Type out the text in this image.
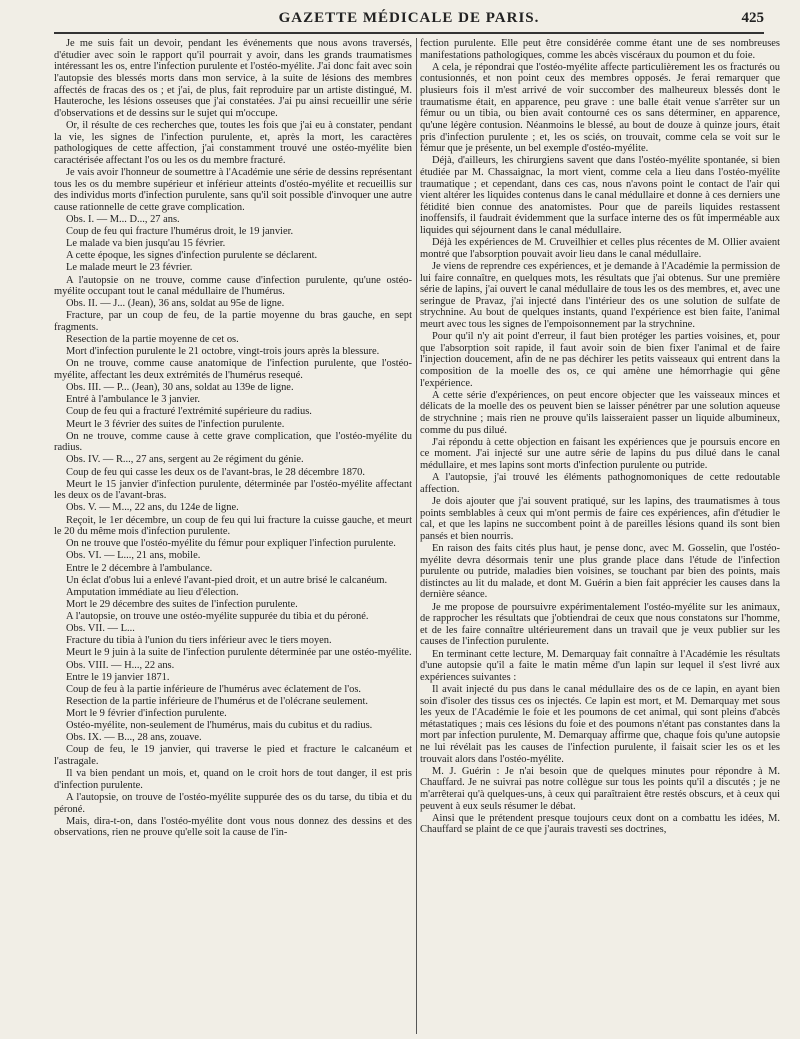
GAZETTE MÉDICALE DE PARIS.	425

Je me suis fait un devoir, pendant les événements que nous avons traversés, d'étudier avec soin le rapport qu'il pourrait y avoir, dans les grands traumatismes intéressant les os, entre l'infection purulente et l'ostéo-myélite. J'ai donc fait avec soin l'autopsie des blessés morts dans mon service, à la suite de lésions des membres affectés de fracas des os ; et j'ai, de plus, fait reproduire par un artiste distingué, M. Hauteroche, les lésions osseuses que j'ai constatées. J'ai pu ainsi recueillir une série d'observations et de dessins sur le sujet qui m'occupe.

Or, il résulte de ces recherches que, toutes les fois que j'ai eu à constater, pendant la vie, les signes de l'infection purulente, et, après la mort, les caractères pathologiques de cette affection, j'ai constamment trouvé une ostéo-myélite bien caractérisée affectant l'os ou les os du membre fracturé.

Je vais avoir l'honneur de soumettre à l'Académie une série de dessins représentant tous les os du membre supérieur et inférieur atteints d'ostéo-myélite et recueillis sur des individus morts d'infection purulente, sans qu'il soit possible d'invoquer une autre cause rationnelle de cette grave complication.

Obs. I. — M... D..., 27 ans.

Coup de feu qui fracture l'humérus droit, le 19 janvier.

Le malade va bien jusqu'au 15 février.

A cette époque, les signes d'infection purulente se déclarent.

Le malade meurt le 23 février.

A l'autopsie on ne trouve, comme cause d'infection purulente, qu'une ostéo-myélite occupant tout le canal médullaire de l'humérus.

Obs. II. — J... (Jean), 36 ans, soldat au 95e de ligne.

Fracture, par un coup de feu, de la partie moyenne du bras gauche, en sept fragments.

Resection de la partie moyenne de cet os.

Mort d'infection purulente le 21 octobre, vingt-trois jours après la blessure.

On ne trouve, comme cause anatomique de l'infection purulente, que l'ostéo-myélite, affectant les deux extrémités de l'humérus resequé.

Obs. III. — P... (Jean), 30 ans, soldat au 139e de ligne.

Entré à l'ambulance le 3 janvier.

Coup de feu qui a fracturé l'extrémité supérieure du radius.

Meurt le 3 février des suites de l'infection purulente.

On ne trouve, comme cause à cette grave complication, que l'ostéo-myélite du radius.

Obs. IV. — R..., 27 ans, sergent au 2e régiment du génie.

Coup de feu qui casse les deux os de l'avant-bras, le 28 décembre 1870.

Meurt le 15 janvier d'infection purulente, déterminée par l'ostéo-myélite affectant les deux os de l'avant-bras.

Obs. V. — M..., 22 ans, du 124e de ligne.

Reçoit, le 1er décembre, un coup de feu qui lui fracture la cuisse gauche, et meurt le 20 du même mois d'infection purulente.

On ne trouve que l'ostéo-myélite du fémur pour expliquer l'infection purulente.

Obs. VI. — L..., 21 ans, mobile.

Entre le 2 décembre à l'ambulance.

Un éclat d'obus lui a enlevé l'avant-pied droit, et un autre brisé le calcanéum.

Amputation immédiate au lieu d'élection.

Mort le 29 décembre des suites de l'infection purulente.

A l'autopsie, on trouve une ostéo-myélite suppurée du tibia et du péroné.

Obs. VII. — L...

Fracture du tibia à l'union du tiers inférieur avec le tiers moyen.

Meurt le 9 juin à la suite de l'infection purulente déterminée par une ostéo-myélite.

Obs. VIII. — H..., 22 ans.

Entre le 19 janvier 1871.

Coup de feu à la partie inférieure de l'humérus avec éclatement de l'os.

Resection de la partie inférieure de l'humérus et de l'olécrane seulement.

Mort le 9 février d'infection purulente.

Ostéo-myélite, non-seulement de l'humérus, mais du cubitus et du radius.

Obs. IX. — B..., 28 ans, zouave.

Coup de feu, le 19 janvier, qui traverse le pied et fracture le calcanéum et l'astragale.

Il va bien pendant un mois, et, quand on le croit hors de tout danger, il est pris d'infection purulente.

A l'autopsie, on trouve de l'ostéo-myélite suppurée des os du tarse, du tibia et du péroné.

Mais, dira-t-on, dans l'ostéo-myélite dont vous nous donnez des dessins et des observations, rien ne prouve qu'elle soit la cause de l'in-

fection purulente. Elle peut être considérée comme étant une de ses nombreuses manifestations pathologiques, comme les abcès viscéraux du poumon et du foie.

A cela, je répondrai que l'ostéo-myélite affecte particulièrement les os fracturés ou contusionnés, et non point ceux des membres opposés. Je ferai remarquer que plusieurs fois il m'est arrivé de voir succomber des malheureux blessés dont le traumatisme était, en apparence, peu grave : une balle était venue s'arrêter sur un fémur ou un tibia, ou bien avait contourné ces os sans déterminer, en apparence, qu'une légère contusion. Néanmoins le blessé, au bout de douze à quinze jours, était pris d'infection purulente ; et, les os sciés, on trouvait, comme cela se voit sur le fémur que je présente, un bel exemple d'ostéo-myélite.

Déjà, d'ailleurs, les chirurgiens savent que dans l'ostéo-myélite spontanée, si bien étudiée par M. Chassaignac, la mort vient, comme cela a lieu dans l'ostéo-myélite traumatique ; et cependant, dans ces cas, nous n'avons point le contact de l'air qui vient altérer les liquides contenus dans le canal médullaire et donne à ces derniers une fétidité bien connue des anatomistes. Pour que de pareils liquides restassent inoffensifs, il faudrait évidemment que la surface interne des os fût imperméable aux liquides qui séjournent dans le canal médullaire.

Déjà les expériences de M. Cruveilhier et celles plus récentes de M. Ollier avaient montré que l'absorption pouvait avoir lieu dans le canal médullaire.

Je viens de reprendre ces expériences, et je demande à l'Académie la permission de lui faire connaître, en quelques mots, les résultats que j'ai obtenus. Sur une première série de lapins, j'ai ouvert le canal médullaire de tous les os des membres, et, avec une seringue de Pravaz, j'ai injecté dans l'intérieur des os une solution de sulfate de strychnine. Au bout de quelques instants, quand l'expérience est bien faite, l'animal meurt avec tous les signes de l'empoisonnement par la strychnine.

Pour qu'il n'y ait point d'erreur, il faut bien protéger les parties voisines, et, pour que l'absorption soit rapide, il faut avoir soin de bien fixer l'animal et de faire l'injection doucement, afin de ne pas déchirer les petits vaisseaux qui entrent dans la composition de la moelle des os, ce qui amène une hémorrhagie qui gêne l'expérience.

A cette série d'expériences, on peut encore objecter que les vaisseaux minces et délicats de la moelle des os peuvent bien se laisser pénétrer par une solution aqueuse de strychnine ; mais rien ne prouve qu'ils laisseraient passer un liquide albumineux, comme du pus dilué.

J'ai répondu à cette objection en faisant les expériences que je poursuis encore en ce moment. J'ai injecté sur une autre série de lapins du pus dilué dans le canal médullaire, et mes lapins sont morts d'infection purulente ou putride.

A l'autopsie, j'ai trouvé les éléments pathognomoniques de cette redoutable affection.

Je dois ajouter que j'ai souvent pratiqué, sur les lapins, des traumatismes à tous points semblables à ceux qui m'ont permis de faire ces expériences, afin d'étudier le cal, et que les lapins ne succombent point à de pareilles lésions quand ils sont bien pansés et bien nourris.

En raison des faits cités plus haut, je pense donc, avec M. Gosselin, que l'ostéo-myélite devra désormais tenir une plus grande place dans l'étude de l'infection purulente ou putride, maladies bien voisines, se touchant par bien des points, mais distinctes au lit du malade, et dont M. Guérin a bien fait apprécier les causes dans la dernière séance.

Je me propose de poursuivre expérimentalement l'ostéo-myélite sur les animaux, de rapprocher les résultats que j'obtiendrai de ceux que nous constatons sur l'homme, et de les faire connaître ultérieurement dans un travail que je veux publier sur les causes de l'infection purulente.

En terminant cette lecture, M. Demarquay fait connaître à l'Académie les résultats d'une autopsie qu'il a faite le matin même d'un lapin sur lequel il s'est livré aux expériences suivantes :

Il avait injecté du pus dans le canal médullaire des os de ce lapin, en ayant bien soin d'isoler des tissus ces os injectés. Ce lapin est mort, et M. Demarquay met sous les yeux de l'Académie le foie et les poumons de cet animal, qui sont pleins d'abcès métastatiques ; mais ces lésions du foie et des poumons n'étant pas constantes dans la mort par infection purulente, M. Demarquay affirme que, chaque fois qu'une autopsie ne lui révélait pas les causes de l'infection purulente, il faisait scier les os et les trouvait alors dans l'ostéo-myélite.

M. J. Guérin : Je n'ai besoin que de quelques minutes pour répondre à M. Chauffard. Je ne suivrai pas notre collègue sur tous les points qu'il a discutés ; je ne m'arrêterai qu'à quelques-uns, à ceux qui paraîtraient être restés obscurs, et à ceux qui peuvent à eux seuls résumer le débat.

Ainsi que le prétendent presque toujours ceux dont on a combattu les idées, M. Chauffard se plaint de ce que j'aurais travesti ses doctrines,
